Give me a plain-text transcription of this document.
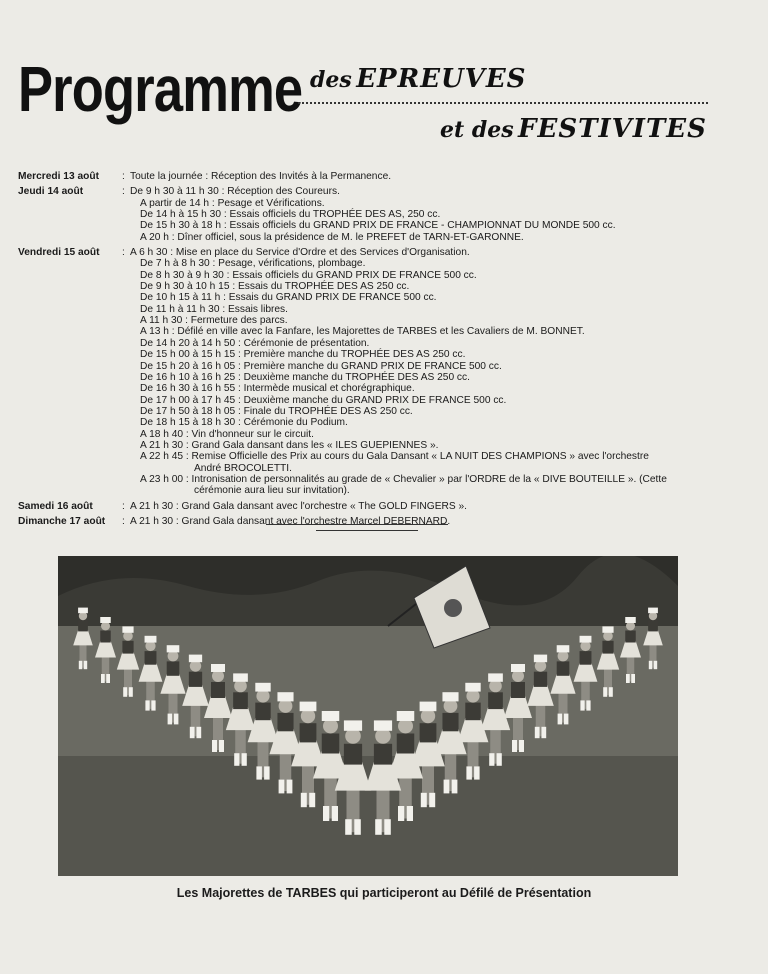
Programme des EPREUVES
et des FESTIVITES
Mercredi 13 août	: Toute la journée : Réception des Invités à la Permanence.
Jeudi 14 août	: De 9 h 30 à 11 h 30 : Réception des Coureurs.
A partir de 14 h : Pesage et Vérifications.
De 14 h à 15 h 30 : Essais officiels du TROPHÉE DES AS, 250 cc.
De 15 h 30 à 18 h : Essais officiels du GRAND PRIX DE FRANCE - CHAMPIONNAT DU MONDE 500 cc.
A 20 h : Dîner officiel, sous la présidence de M. le PREFET de TARN-ET-GARONNE.
Vendredi 15 août	: A 6 h 30 : Mise en place du Service d'Ordre et des Services d'Organisation.
De 7 h à 8 h 30 : Pesage, vérifications, plombage.
De 8 h 30 à 9 h 30 : Essais officiels du GRAND PRIX DE FRANCE 500 cc.
De 9 h 30 à 10 h 15 : Essais du TROPHÉE DES AS 250 cc.
De 10 h 15 à 11 h : Essais du GRAND PRIX DE FRANCE 500 cc.
De 11 h à 11 h 30 : Essais libres.
A 11 h 30 : Fermeture des parcs.
A 13 h : Défilé en ville avec la Fanfare, les Majorettes de TARBES et les Cavaliers de M. BONNET.
De 14 h 20 à 14 h 50 : Cérémonie de présentation.
De 15 h 00 à 15 h 15 : Première manche du TROPHÉE DES AS 250 cc.
De 15 h 20 à 16 h 05 : Première manche du GRAND PRIX DE FRANCE 500 cc.
De 16 h 10 à 16 h 25 : Deuxième manche du TROPHÉE DES AS 250 cc.
De 16 h 30 à 16 h 55 : Intermède musical et chorégraphique.
De 17 h 00 à 17 h 45 : Deuxième manche du GRAND PRIX DE FRANCE 500 cc.
De 17 h 50 à 18 h 05 : Finale du TROPHÉE DES AS 250 cc.
De 18 h 15 à 18 h 30 : Cérémonie du Podium.
A 18 h 40 : Vin d'honneur sur le circuit.
A 21 h 30 : Grand Gala dansant dans les « ILES GUEPIENNES ».
A 22 h 45 : Remise Officielle des Prix au cours du Gala Dansant « LA NUIT DES CHAMPIONS » avec l'orchestre
André BROCOLETTI.
A 23 h 00 : Intronisation de personnalités au grade de « Chevalier » par l'ORDRE de la « DIVE BOUTEILLE ». (Cette
cérémonie aura lieu sur invitation).
Samedi 16 août	: A 21 h 30 : Grand Gala dansant avec l'orchestre « The GOLD FINGERS ».
Dimanche 17 août	: A 21 h 30 : Grand Gala dansant avec l'orchestre Marcel DEBERNARD.
Les Majorettes de TARBES qui participeront au Défilé de Présentation
